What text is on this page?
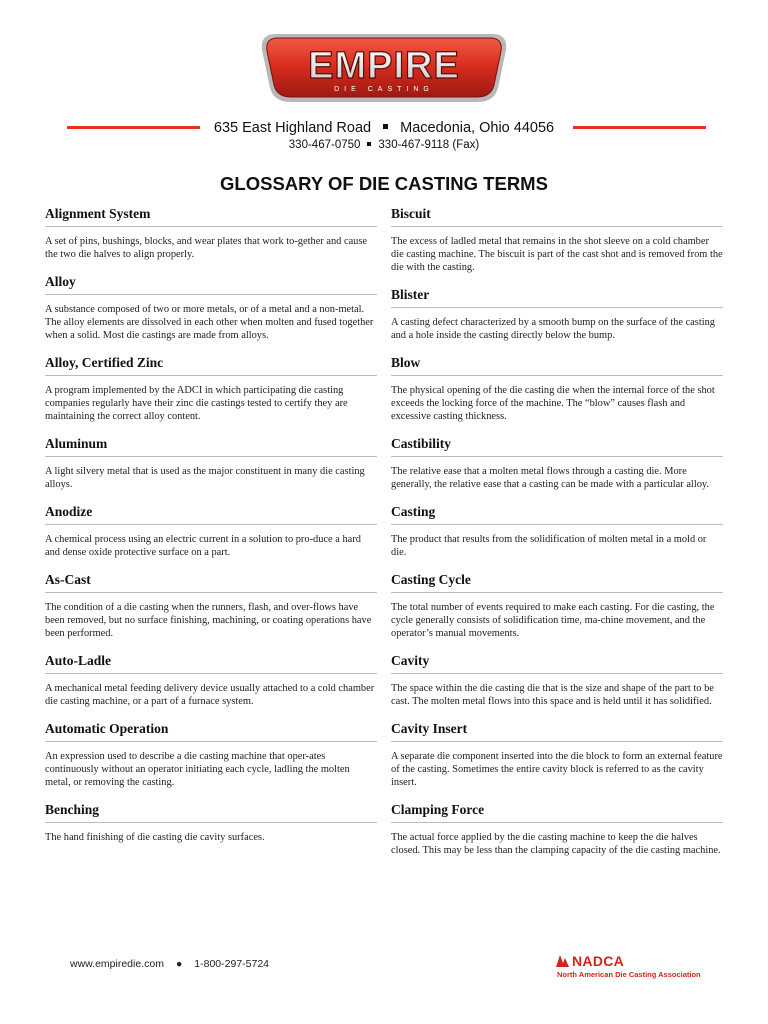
EMPIRE
DIE CASTING
635 East Highland Road Macedonia, Ohio 44056
330-467-0750 330-467-9118 (Fax)
GLOSSARY OF DIE CASTING TERMS
Alignment System

A set of pins, bushings, blocks, and wear plates that work to-gether and cause the two die halves to align properly.

Alloy

A substance composed of two or more metals, or of a metal and a non-metal. The alloy elements are dissolved in each other when molten and fused together when a solid. Most die castings are made from alloys.

Alloy, Certified Zinc

A program implemented by the ADCI in which participating die casting companies regularly have their zinc die castings tested to certify they are maintaining the correct alloy content.

Aluminum

A light silvery metal that is used as the major constituent in many die casting alloys.

Anodize

A chemical process using an electric current in a solution to pro-duce a hard and dense oxide protective surface on a part.

As-Cast

The condition of a die casting when the runners, flash, and over-flows have been removed, but no surface finishing, machining, or coating operations have been performed.

Auto-Ladle

A mechanical metal feeding delivery device usually attached to a cold chamber die casting machine, or a part of a furnace system.

Automatic Operation

An expression used to describe a die casting machine that oper-ates continuously without an operator initiating each cycle, ladling the molten metal, or removing the casting.

Benching

The hand finishing of die casting die cavity surfaces.

Biscuit

The excess of ladled metal that remains in the shot sleeve on a cold chamber die casting machine. The biscuit is part of the cast shot and is removed from the die with the casting.

Blister

A casting defect characterized by a smooth bump on the surface of the casting and a hole inside the casting directly below the bump.

Blow

The physical opening of the die casting die when the internal force of the shot exceeds the locking force of the machine. The “blow” causes flash and excessive casting thickness.

Castibility

The relative ease that a molten metal flows through a casting die. More generally, the relative ease that a casting can be made with a particular alloy.

Casting

The product that results from the solidification of molten metal in a mold or die.

Casting Cycle

The total number of events required to make each casting. For die casting, the cycle generally consists of solidification time, ma-chine movement, and the operator’s manual movements.

Cavity

The space within the die casting die that is the size and shape of the part to be cast. The molten metal flows into this space and is held until it has solidified.

Cavity Insert

A separate die component inserted into the die block to form an external feature of the casting. Sometimes the entire cavity block is referred to as the cavity insert.

Clamping Force

The actual force applied by the die casting machine to keep the die halves closed. This may be less than the clamping capacity of the die casting machine.

www.empiredie.com ● 1-800-297-5724	NADCA
North American Die Casting Association
